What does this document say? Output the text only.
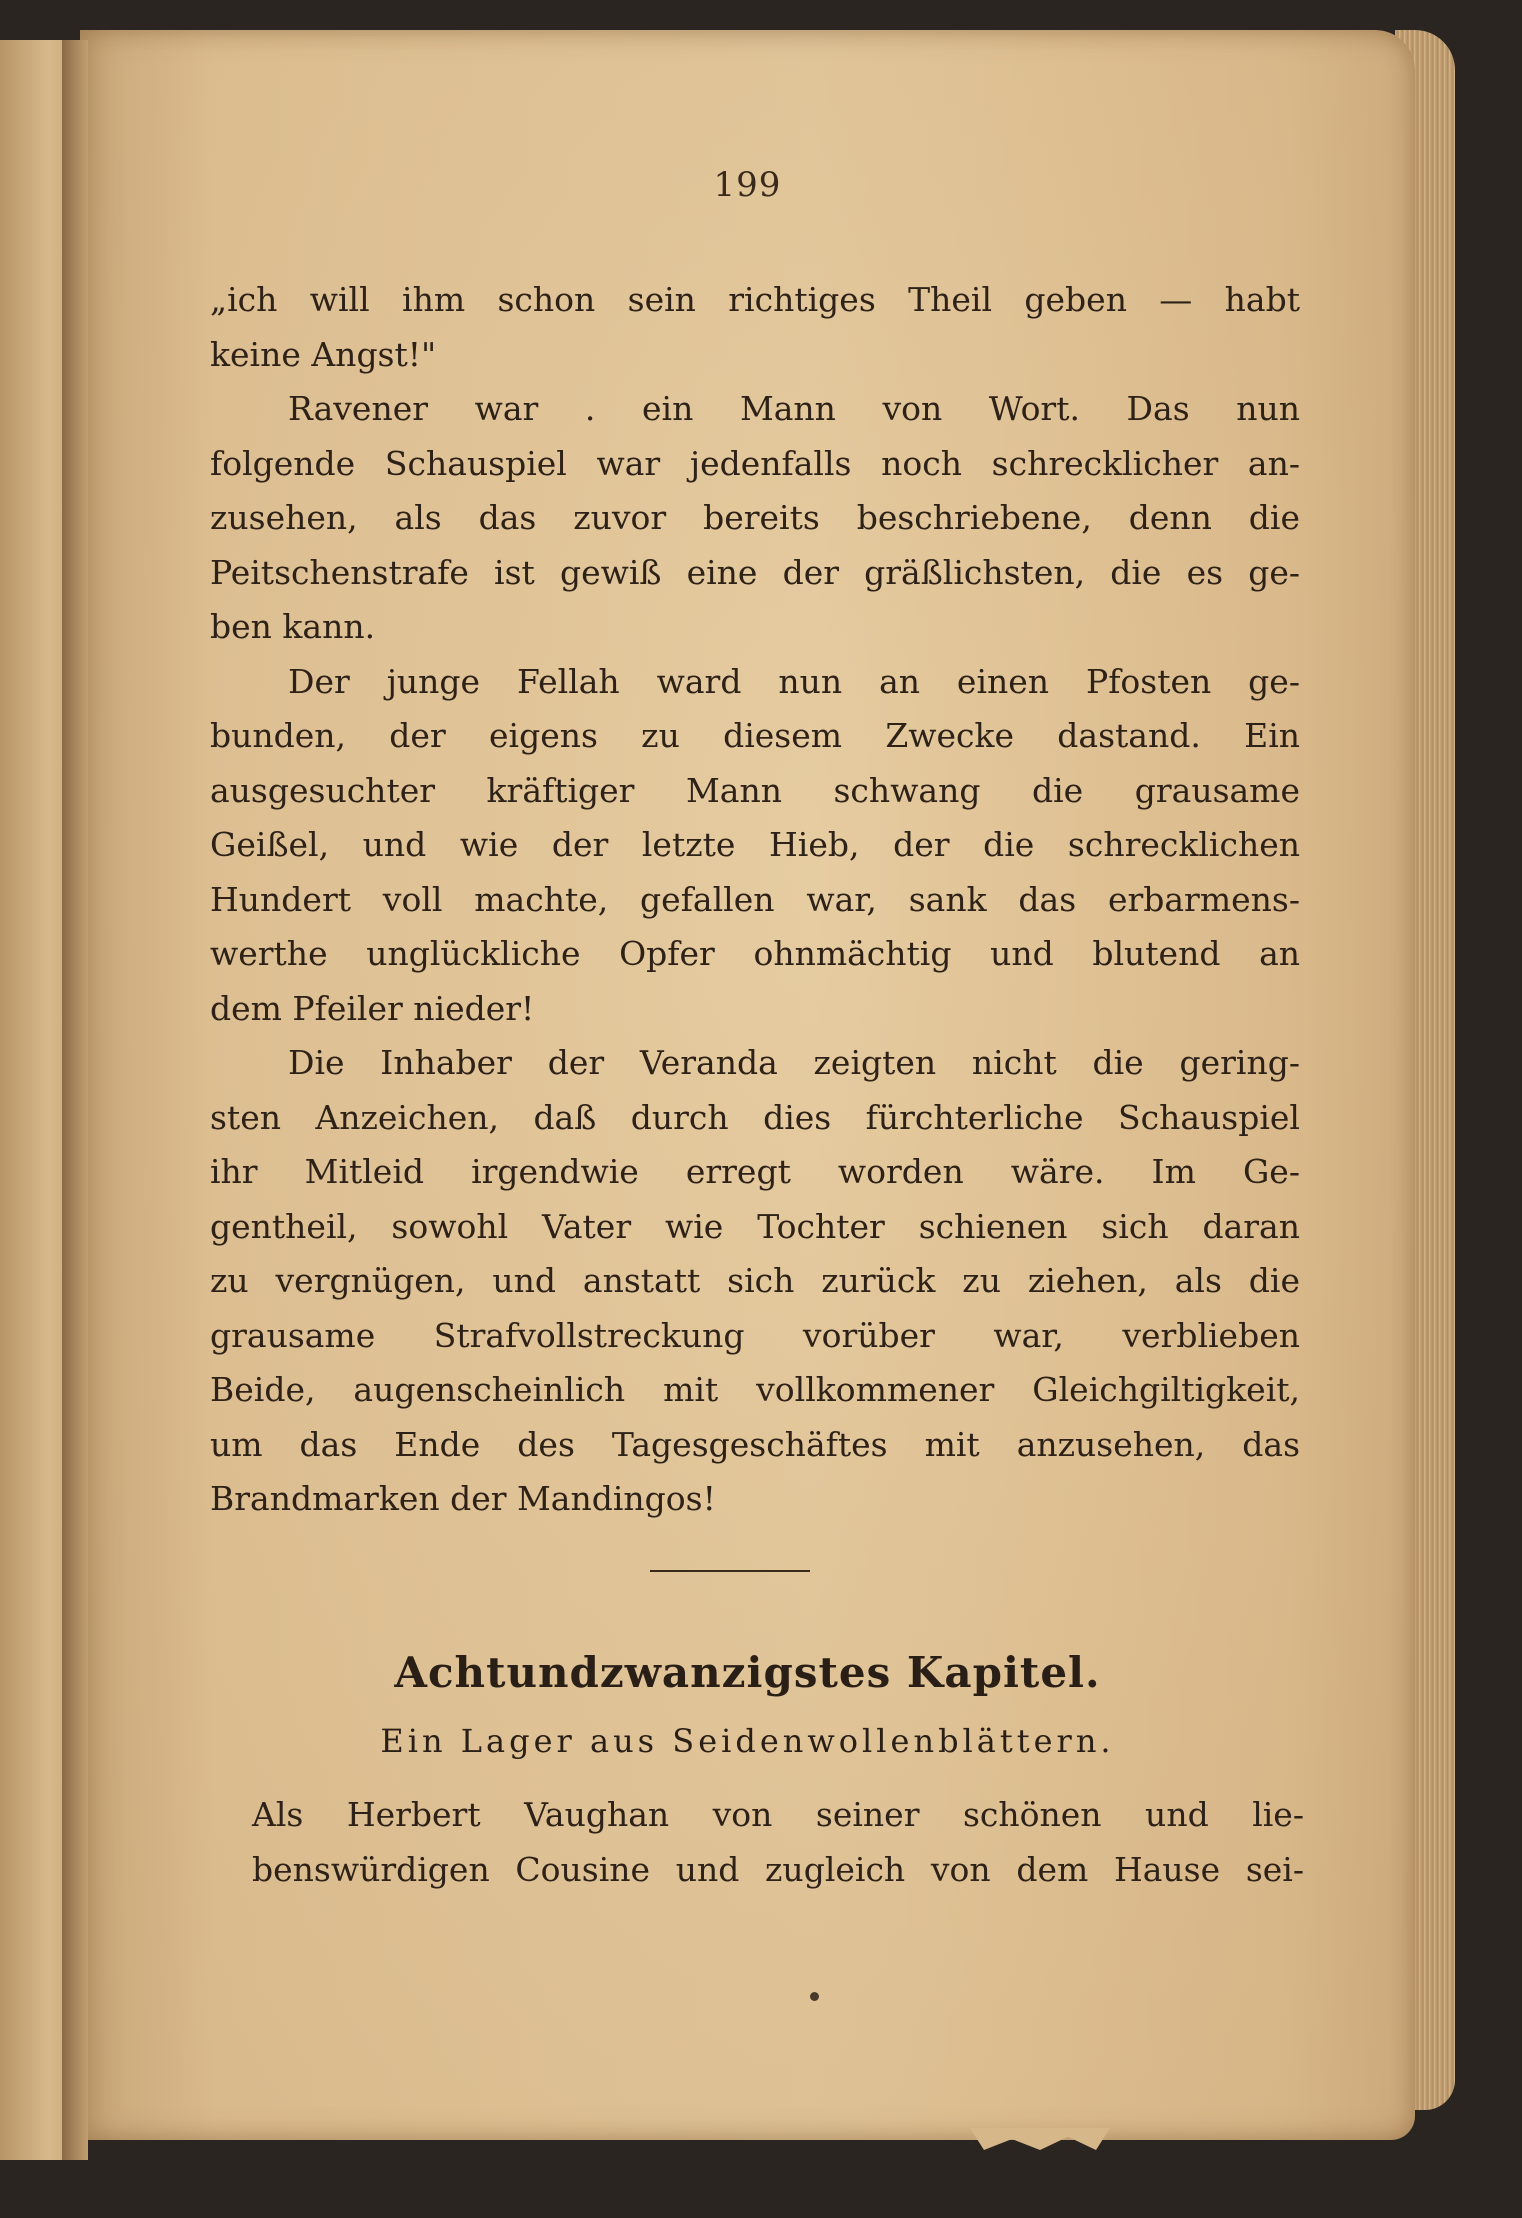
199
„ich will ihm schon sein richtiges Theil geben — habt
keine Angst!"
Ravener war . ein Mann von Wort. Das nun
folgende Schauspiel war jedenfalls noch schrecklicher an-
zusehen, als das zuvor bereits beschriebene, denn die
Peitschenstrafe ist gewiß eine der gräßlichsten, die es ge-
ben kann.
Der junge Fellah ward nun an einen Pfosten ge-
bunden, der eigens zu diesem Zwecke dastand. Ein
ausgesuchter kräftiger Mann schwang die grausame
Geißel, und wie der letzte Hieb, der die schrecklichen
Hundert voll machte, gefallen war, sank das erbarmens-
werthe unglückliche Opfer ohnmächtig und blutend an
dem Pfeiler nieder!
Die Inhaber der Veranda zeigten nicht die gering-
sten Anzeichen, daß durch dies fürchterliche Schauspiel
ihr Mitleid irgendwie erregt worden wäre. Im Ge-
gentheil, sowohl Vater wie Tochter schienen sich daran
zu vergnügen, und anstatt sich zurück zu ziehen, als die
grausame Strafvollstreckung vorüber war, verblieben
Beide, augenscheinlich mit vollkommener Gleichgiltigkeit,
um das Ende des Tagesgeschäftes mit anzusehen, das
Brandmarken der Mandingos!
Achtundzwanzigstes Kapitel.
Ein Lager aus Seidenwollenblättern.
Als Herbert Vaughan von seiner schönen und lie-
benswürdigen Cousine und zugleich von dem Hause sei-
